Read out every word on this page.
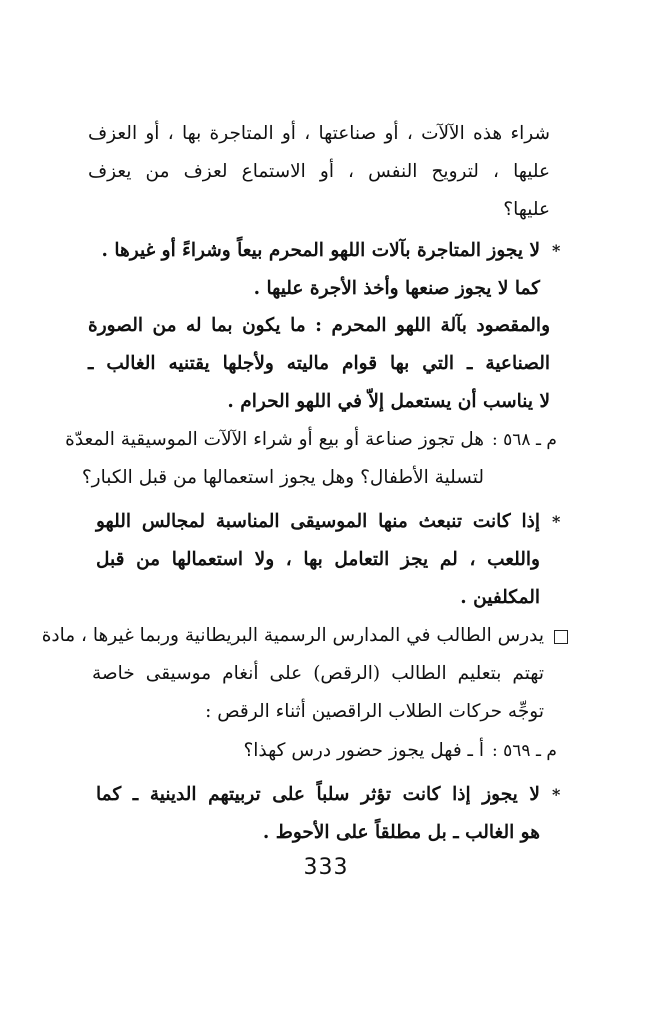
شراء هذه الآلآت ، أو صناعتها ، أو المتاجرة بها ، أو العزف
عليها ، لترويح النفس ، أو الاستماع لعزف من يعزف
عليها؟
*
لا يجوز المتاجرة بآلات اللهو المحرم بيعاً وشراءً أو غيرها .
كما لا يجوز صنعها وأخذ الأجرة عليها .
والمقصود بآلة اللهو المحرم : ما يكون بما له من الصورة
الصناعية ـ التي بها قوام ماليته ولأجلها يقتنيه الغالب ـ
لا يناسب أن يستعمل إلاّ في اللهو الحرام .
م ـ ٥٦٨ :
هل تجوز صناعة أو بيع أو شراء الآلآت الموسيقية المعدّة
لتسلية الأطفال؟ وهل يجوز استعمالها من قبل الكبار؟
*
إذا كانت تنبعث منها الموسيقى المناسبة لمجالس اللهو
واللعب ، لم يجز التعامل بها ، ولا استعمالها من قبل
المكلفين .
يدرس الطالب في المدارس الرسمية البريطانية وربما غيرها ، مادة
تهتم بتعليم الطالب (الرقص) على أنغام موسيقى خاصة
توجِّه حركات الطلاب الراقصين أثناء الرقص :
م ـ ٥٦٩ :
أ ـ فهل يجوز حضور درس كهذا؟
*
لا يجوز إذا كانت تؤثر سلباً على تربيتهم الدينية ـ كما
هو الغالب ـ بل مطلقاً على الأحوط .
333
